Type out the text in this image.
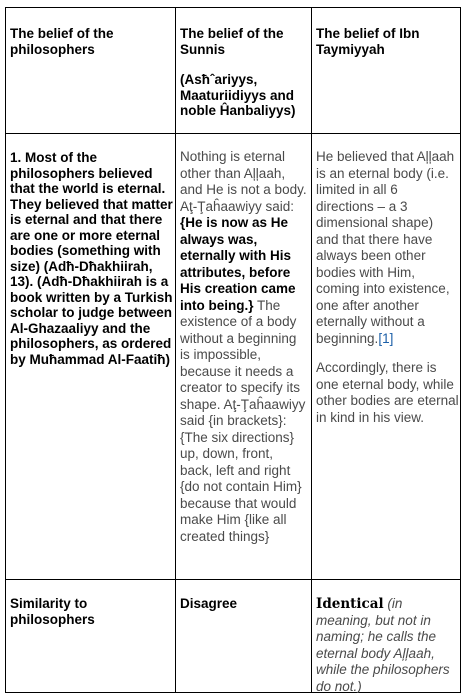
The belief of the philosophers
The belief of the Sunnis
(Asħˆariyys, Maaturiidiyys and noble Ĥanbaliyys)
The belief of Ibn Taymiyyah
1. Most of the philosophers believed that the world is eternal. They believed that matter is eternal and that there are one or more eternal bodies (something with size) (Adħ-Dħakhiirah, 13). (Adħ-Dħakhiirah is a book written by a Turkish scholar to judge between Al-Ghazaaliyy and the philosophers, as ordered by Muħammad Al-Faatiħ)
Nothing is eternal other than Aļļaah, and He is not a body. Aţ-Ţaĥaawiyy said: {He is now as He always was, eternally with His attributes, before His creation came into being.} The existence of a body without a beginning is impossible, because it needs a creator to specify its shape. Aţ-Ţaĥaawiyy said {in brackets}: {The six directions} up, down, front, back, left and right {do not contain Him} because that would make Him {like all created things}
He believed that Aļļaah is an eternal body (i.e. limited in all 6 directions – a 3 dimensional shape) and that there have always been other bodies with Him, coming into existence, one after another eternally without a beginning.[1]
Accordingly, there is one eternal body, while other bodies are eternal in kind in his view.
Similarity to philosophers
Disagree	Identical (in meaning, but not in naming; he calls the eternal body Aļļaah, while the philosophers do not.)
